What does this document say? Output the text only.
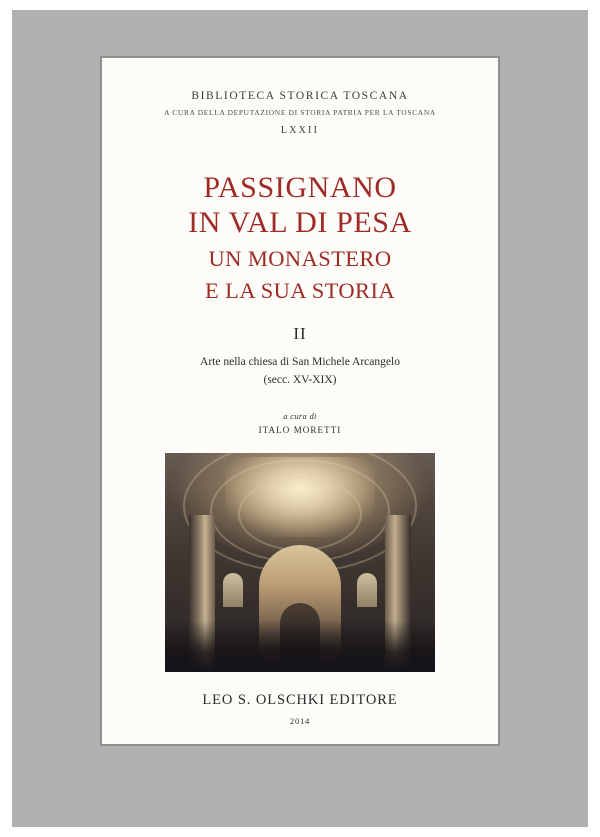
BIBLIOTECA STORICA TOSCANA
A CURA DELLA DEPUTAZIONE DI STORIA PATRIA PER LA TOSCANA
LXXII
PASSIGNANO
IN VAL DI PESA
UN MONASTERO
E LA SUA STORIA
II
Arte nella chiesa di San Michele Arcangelo
(secc. XV-XIX)
a cura di
ITALO MORETTI
LEO S. OLSCHKI EDITORE
2014
